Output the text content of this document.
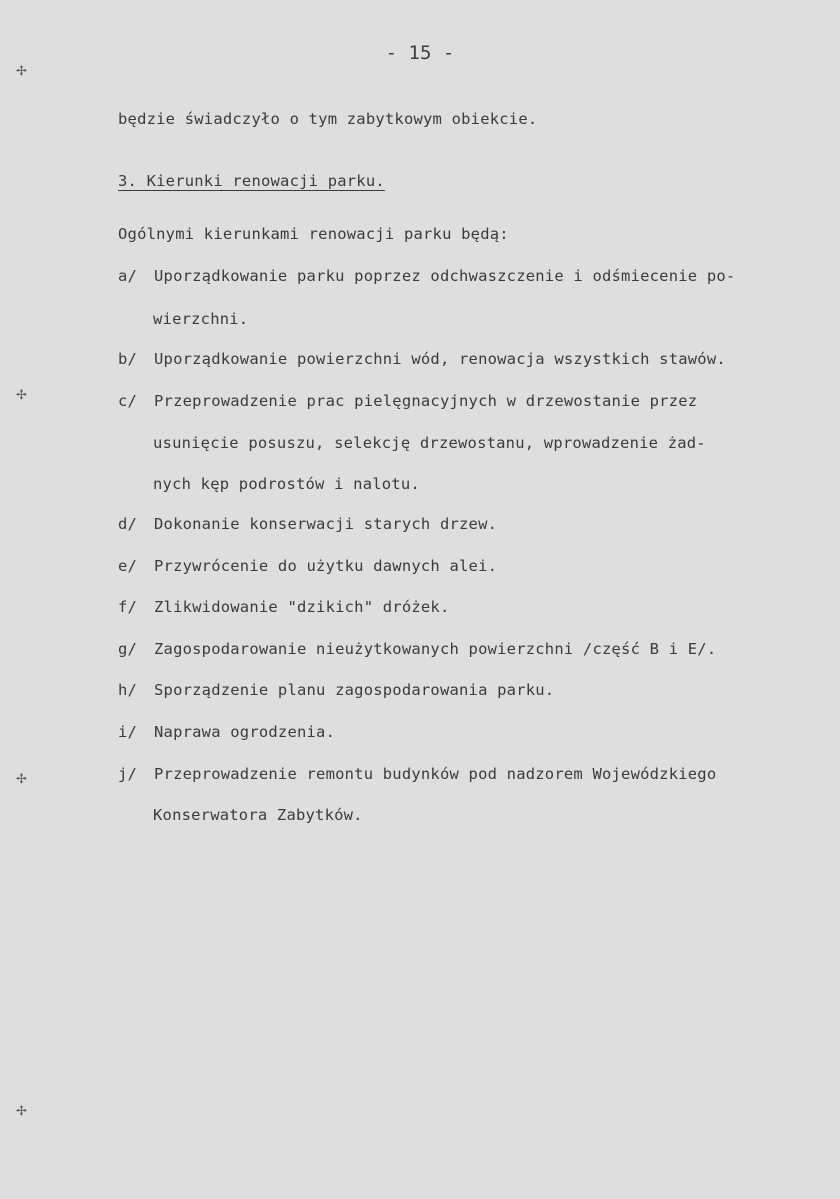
✢
✢
✢
✢
- 15 -
będzie świadczyło o tym zabytkowym obiekcie.
3. Kierunki renowacji parku.
Ogólnymi kierunkami renowacji parku będą:
a/ Uporządkowanie parku poprzez odchwaszczenie i odśmiecenie po-
wierzchni.
b/ Uporządkowanie powierzchni wód, renowacja wszystkich stawów.
c/ Przeprowadzenie prac pielęgnacyjnych w drzewostanie przez
usunięcie posuszu, selekcję drzewostanu, wprowadzenie żad-
nych kęp podrostów i nalotu.
d/ Dokonanie konserwacji starych drzew.
e/ Przywrócenie do użytku dawnych alei.
f/ Zlikwidowanie "dzikich" dróżek.
g/ Zagospodarowanie nieużytkowanych powierzchni /część B i E/.
h/ Sporządzenie planu zagospodarowania parku.
i/ Naprawa ogrodzenia.
j/ Przeprowadzenie remontu budynków pod nadzorem Wojewódzkiego
Konserwatora Zabytków.
